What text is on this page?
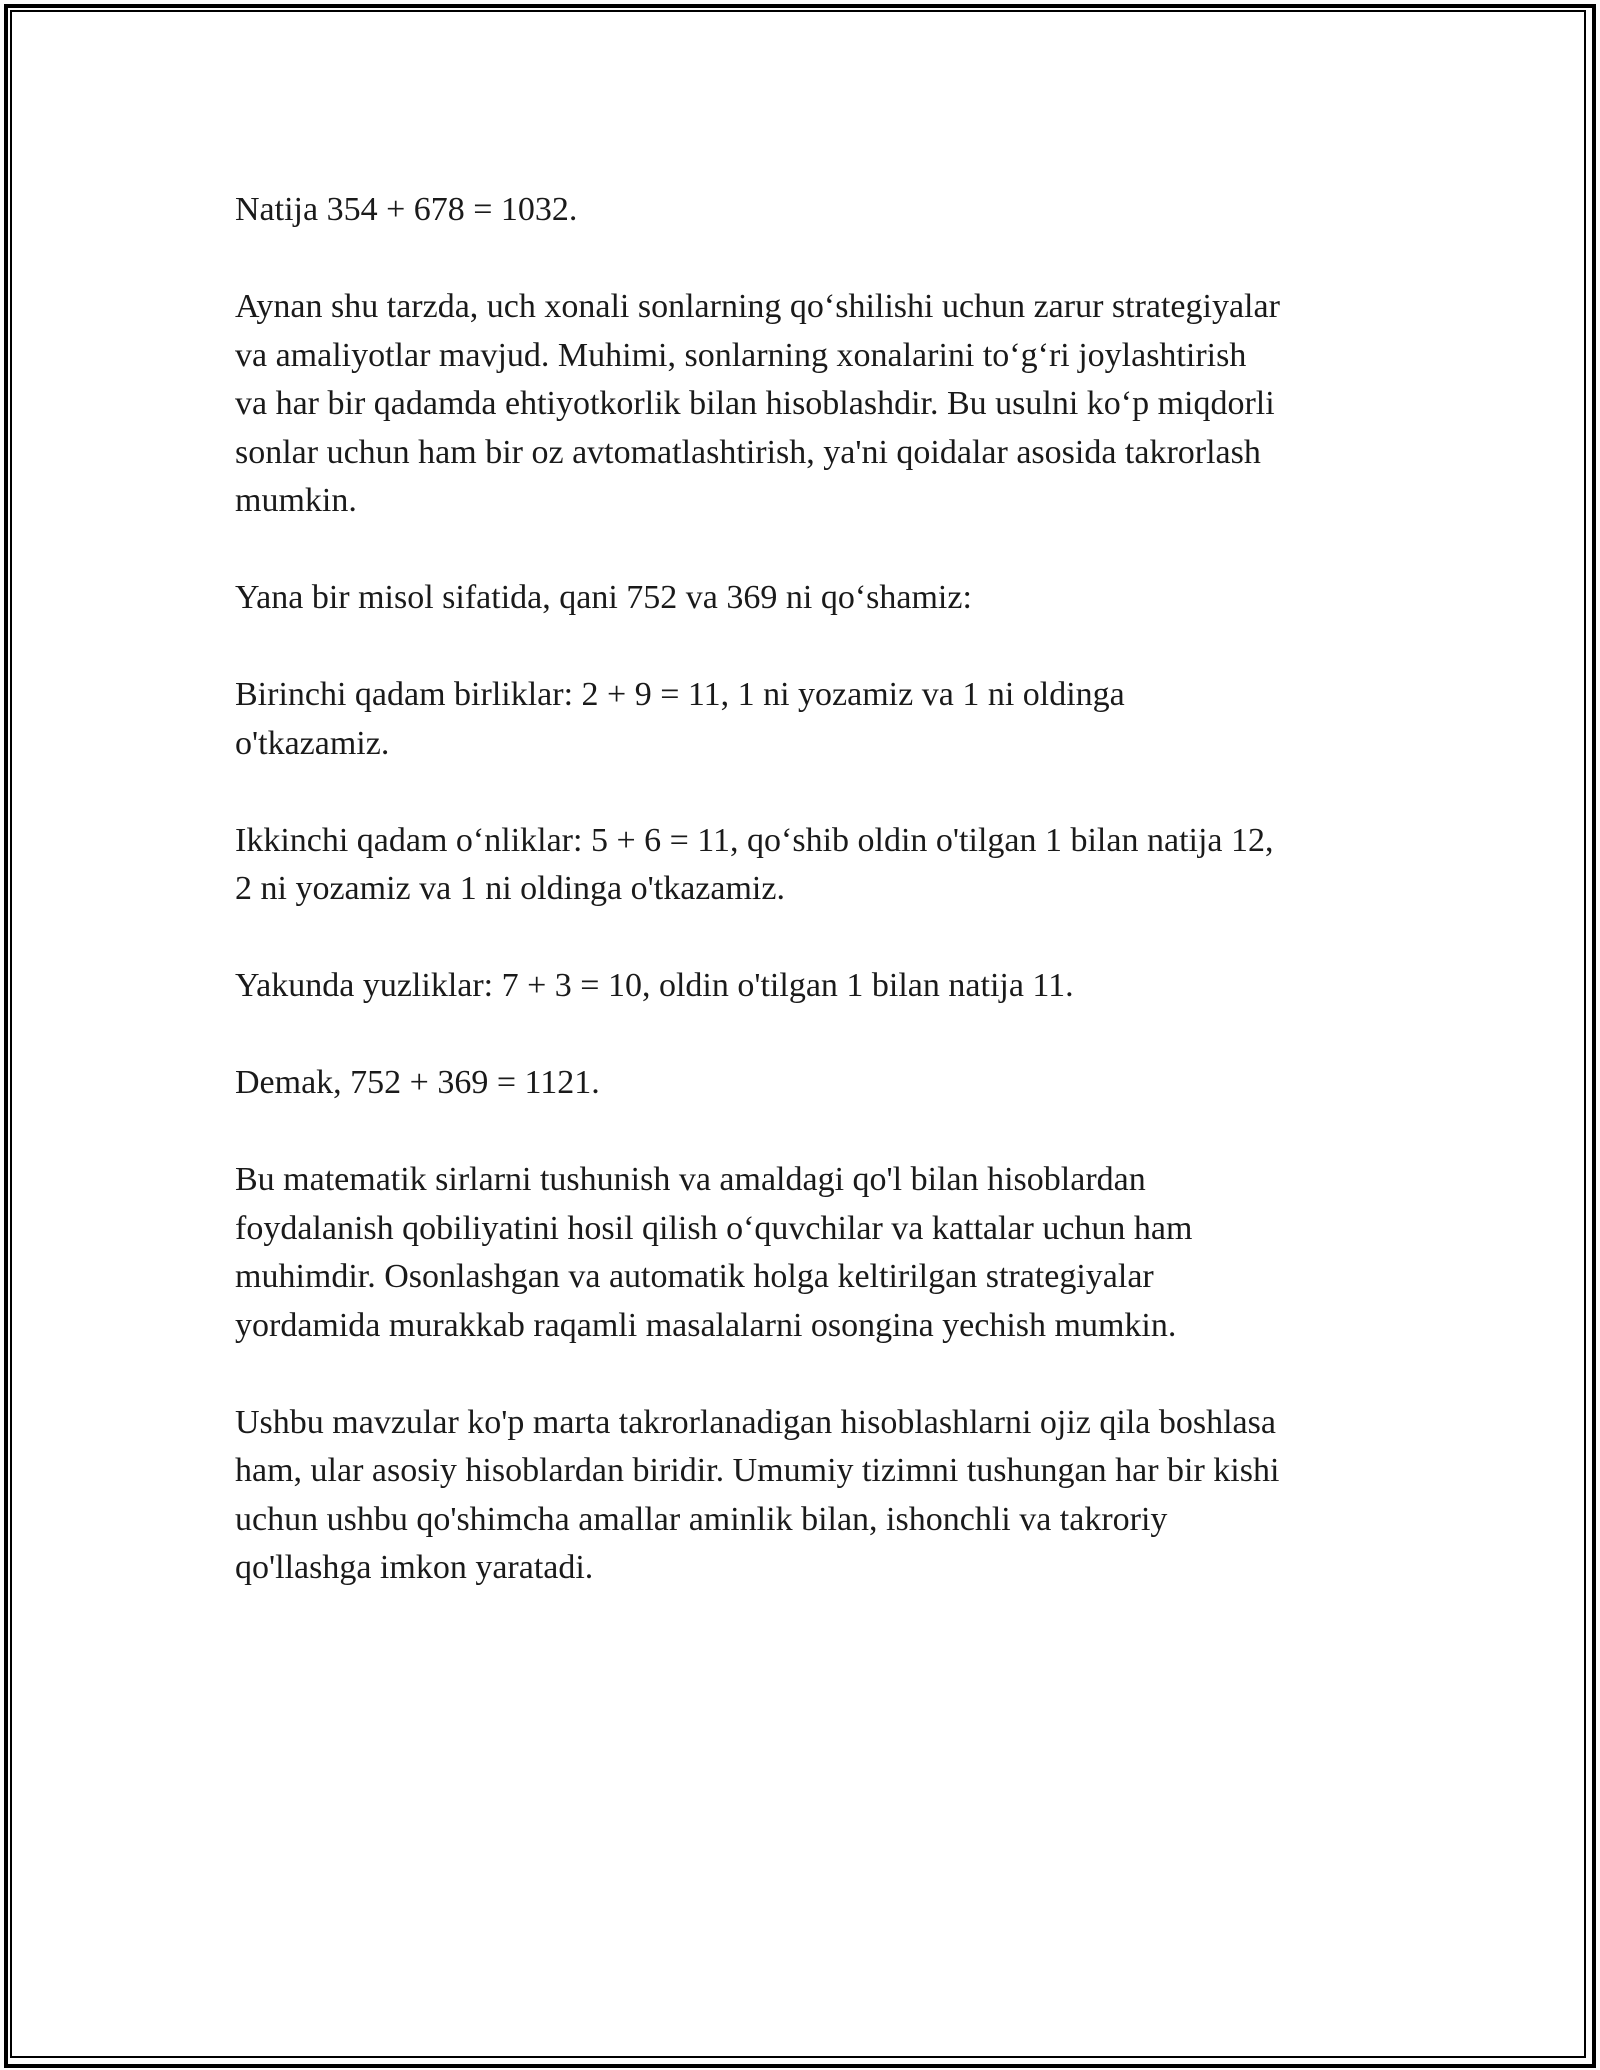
Natija 354 + 678 = 1032.

Aynan shu tarzda, uch xonali sonlarning qo‘shilishi uchun zarur strategiyalar
va amaliyotlar mavjud. Muhimi, sonlarning xonalarini to‘g‘ri joylashtirish
va har bir qadamda ehtiyotkorlik bilan hisoblashdir. Bu usulni ko‘p miqdorli
sonlar uchun ham bir oz avtomatlashtirish, ya'ni qoidalar asosida takrorlash
mumkin.

Yana bir misol sifatida, qani 752 va 369 ni qo‘shamiz:

Birinchi qadam birliklar: 2 + 9 = 11, 1 ni yozamiz va 1 ni oldinga
o'tkazamiz.

Ikkinchi qadam o‘nliklar: 5 + 6 = 11, qo‘shib oldin o'tilgan 1 bilan natija 12,
2 ni yozamiz va 1 ni oldinga o'tkazamiz.

Yakunda yuzliklar: 7 + 3 = 10, oldin o'tilgan 1 bilan natija 11.

Demak, 752 + 369 = 1121.

Bu matematik sirlarni tushunish va amaldagi qo'l bilan hisoblardan
foydalanish qobiliyatini hosil qilish o‘quvchilar va kattalar uchun ham
muhimdir. Osonlashgan va automatik holga keltirilgan strategiyalar
yordamida murakkab raqamli masalalarni osongina yechish mumkin.

Ushbu mavzular ko'p marta takrorlanadigan hisoblashlarni ojiz qila boshlasa
ham, ular asosiy hisoblardan biridir. Umumiy tizimni tushungan har bir kishi
uchun ushbu qo'shimcha amallar aminlik bilan, ishonchli va takroriy
qo'llashga imkon yaratadi.
